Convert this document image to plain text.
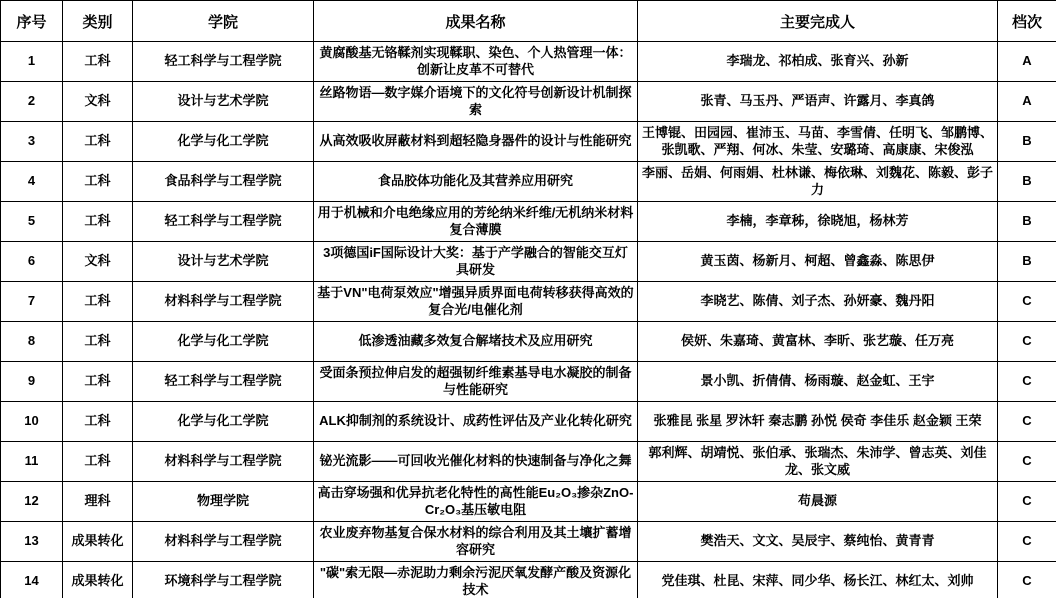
序号	类别	学院	成果名称	主要完成人	档次
1	工科	轻工科学与工程学院	黄腐酸基无铬鞣剂实现鞣职、染色、个人热管理一体：创新让皮革不可替代	李瑞龙、祁柏成、张育兴、孙新	A
2	文科	设计与艺术学院	丝路物语—数字媒介语境下的文化符号创新设计机制探索	张青、马玉丹、严语声、许露月、李真鸽	A
3	工科	化学与化工学院	从高效吸收屏蔽材料到超轻隐身器件的设计与性能研究	王博锟、田园园、崔沛玉、马苗、李雪倩、任明飞、邹鹏博、张凯歌、严翔、何冰、朱莹、安璐琦、高康康、宋俊泓	B
4	工科	食品科学与工程学院	食品胶体功能化及其营养应用研究	李丽、岳娟、何雨娟、杜林谦、梅依琳、刘魏花、陈毅、彭子力	B
5	工科	轻工科学与工程学院	用于机械和介电绝缘应用的芳纶纳米纤维/无机纳米材料复合薄膜	李楠，李章秭，徐晓旭，杨林芳	B
6	文科	设计与艺术学院	3项德国iF国际设计大奖：基于产学融合的智能交互灯具研发	黄玉茵、杨新月、柯超、曾鑫淼、陈思伊	B
7	工科	材料科学与工程学院	基于VN"电荷泵效应"增强异质界面电荷转移获得高效的复合光/电催化剂	李晓艺、陈倩、刘子杰、孙妍豪、魏丹阳	C
8	工科	化学与化工学院	低渗透油藏多效复合解堵技术及应用研究	侯妍、朱嘉琦、黄富林、李昕、张艺璇、任万亮	C
9	工科	轻工科学与工程学院	受面条预拉伸启发的超强韧纤维素基导电水凝胶的制备与性能研究	景小凯、折倩倩、杨雨璇、赵金虹、王宇	C
10	工科	化学与化工学院	ALK抑制剂的系统设计、成药性评估及产业化转化研究	张雅昆 张星 罗沐轩 秦志鹏 孙悦 侯奇 李佳乐 赵金颖 王荣	C
11	工科	材料科学与工程学院	铋光流影——可回收光催化材料的快速制备与净化之舞	郭利辉、胡靖悦、张伯承、张瑞杰、朱沛学、曾志英、刘佳龙、张文威	C
12	理科	物理学院	高击穿场强和优异抗老化特性的高性能Eu₂O₃掺杂ZnO-Cr₂O₃基压敏电阻	苟晨源	C
13	成果转化	材料科学与工程学院	农业废弃物基复合保水材料的综合利用及其土壤扩蓄增容研究	樊浩天、文文、吴辰宇、蔡纯怡、黄青青	C
14	成果转化	环境科学与工程学院	"碳"索无限—赤泥助力剩余污泥厌氧发酵产酸及资源化技术	党佳琪、杜昆、宋萍、同少华、杨长江、林红太、刘帅	C
